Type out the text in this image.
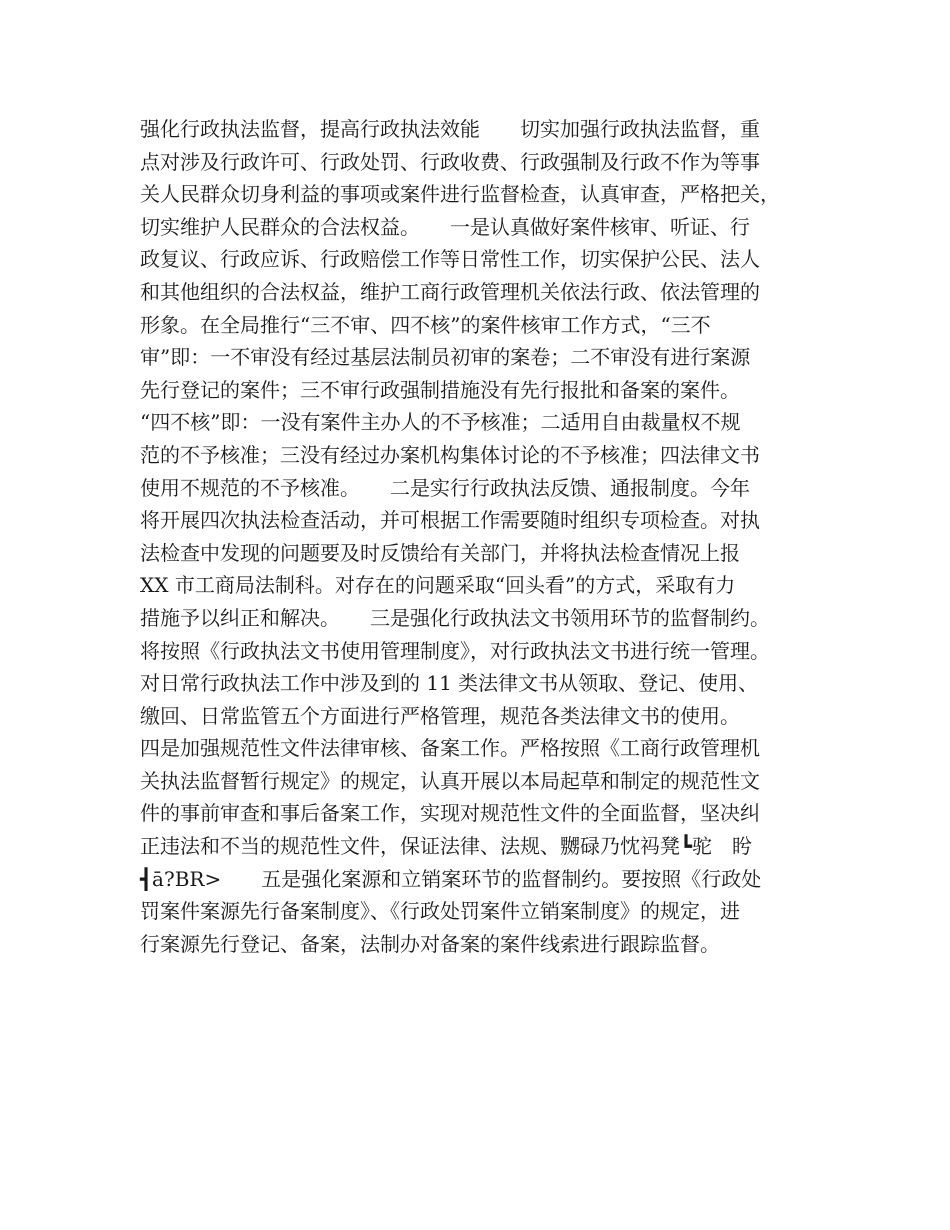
强化行政执法监督，提高行政执法效能　　切实加强行政执法监督，重
点对涉及行政许可、行政处罚、行政收费、行政强制及行政不作为等事
关人民群众切身利益的事项或案件进行监督检查，认真审查，严格把关，
切实维护人民群众的合法权益。　　一是认真做好案件核审、听证、行
政复议、行政应诉、行政赔偿工作等日常性工作，切实保护公民、法人
和其他组织的合法权益，维护工商行政管理机关依法行政、依法管理的
形象。在全局推行“三不审、四不核”的案件核审工作方式，“三不
审”即：一不审没有经过基层法制员初审的案卷；二不审没有进行案源
先行登记的案件；三不审行政强制措施没有先行报批和备案的案件。
“四不核”即：一没有案件主办人的不予核准；二适用自由裁量权不规
范的不予核准；三没有经过办案机构集体讨论的不予核准；四法律文书
使用不规范的不予核准。　　二是实行行政执法反馈、通报制度。今年
将开展四次执法检查活动，并可根据工作需要随时组织专项检查。对执
法检查中发现的问题要及时反馈给有关部门，并将执法检查情况上报
XX 市工商局法制科。对存在的问题采取“回头看”的方式，采取有力
措施予以纠正和解决。　　三是强化行政执法文书领用环节的监督制约。
将按照《行政执法文书使用管理制度》，对行政执法文书进行统一管理。
对日常行政执法工作中涉及到的 11 类法律文书从领取、登记、使用、
缴回、日常监管五个方面进行严格管理，规范各类法律文书的使用。
四是加强规范性文件法律审核、备案工作。严格按照《工商行政管理机
关执法监督暂行规定》的规定，认真开展以本局起草和制定的规范性文
件的事前审查和事后备案工作，实现对规范性文件的全面监督，坚决纠
正违法和不当的规范性文件，保证法律、法规、嬲碌乃忱祃凳┗驼　盻
┫ā?BR>　　五是强化案源和立销案环节的监督制约。要按照《行政处
罚案件案源先行备案制度》、《行政处罚案件立销案制度》的规定，进
行案源先行登记、备案，法制办对备案的案件线索进行跟踪监督。
